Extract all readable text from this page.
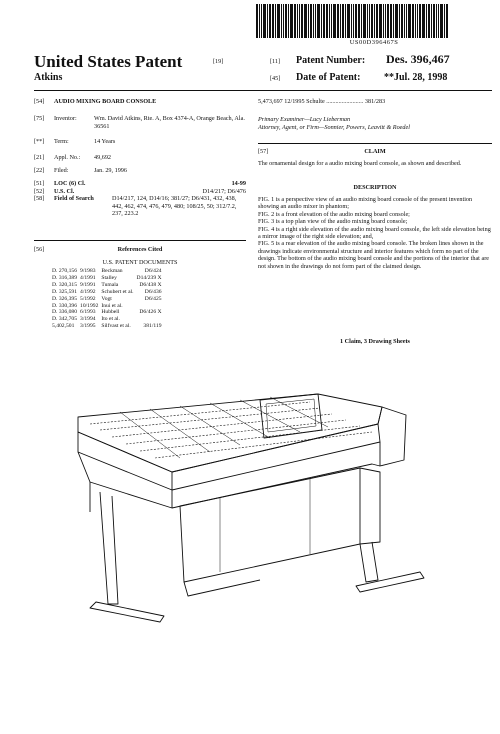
US00D396467S
United States Patent	[19]
Atkins
[11] Patent Number: Des. 396,467
[45] Date of Patent: **Jul. 28, 1998
[54]	AUDIO MIXING BOARD CONSOLE
[75]	Inventor:	Wm. David Atkins, Rte. A, Box 4374-A, Orange Beach, Ala. 36561
[**]	Term:	14 Years
[21]	Appl. No.:	49,692
[22]	Filed:	Jan. 29, 1996
[51]	LOC (6) Cl.	14-99
[52]	U.S. Cl.	D14/217; D6/476
[58]	Field of Search	D14/217, 124, D14/16; 381/27; D6/431, 432, 438, 442, 462, 474, 476, 479, 480; 108/25, 50; 312/7.2, 237, 223.2
[56]	References Cited
U.S. PATENT DOCUMENTS
D. 270,156	9/1983	Beckman	D6/424
D. 316,389	4/1991	Stalley	D14/239 X
D. 320,315	9/1991	Tumala	D6/438 X
D. 325,591	4/1992	Schubert et al.	D6/436
D. 326,395	5/1992	Vogt	D6/425
D. 330,396	10/1992	Inui et al.	
D. 336,080	6/1993	Hubbell	D6/426 X
D. 342,705	3/1994	Ito et al.	
5,402,501	3/1995	Silfvast et al.	381/119
5,473,697 12/1995 Schulte ........................ 381/283
Primary Examiner—Lucy Lieberman
Attorney, Agent, or Firm—Sonnier, Powers, Leavitt & Roedel
[57]	CLAIM
The ornamental design for a audio mixing board console, as shown and described.
DESCRIPTION

FIG. 1 is a perspective view of an audio mixing board console of the present invention showing an audio mixer in phantom;

FIG. 2 is a front elevation of the audio mixing board console;

FIG. 3 is a top plan view of the audio mixing board console;

FIG. 4 is a right side elevation of the audio mixing board console, the left side elevation being a mirror image of the right side elevation; and,

FIG. 5 is a rear elevation of the audio mixing board console. The broken lines shown in the drawings indicate environmental structure and interior features which form no part of the design. The bottom of the audio mixing board console and the portions of the interior that are not shown in the drawings do not form part of the claimed design.

1 Claim, 3 Drawing Sheets
